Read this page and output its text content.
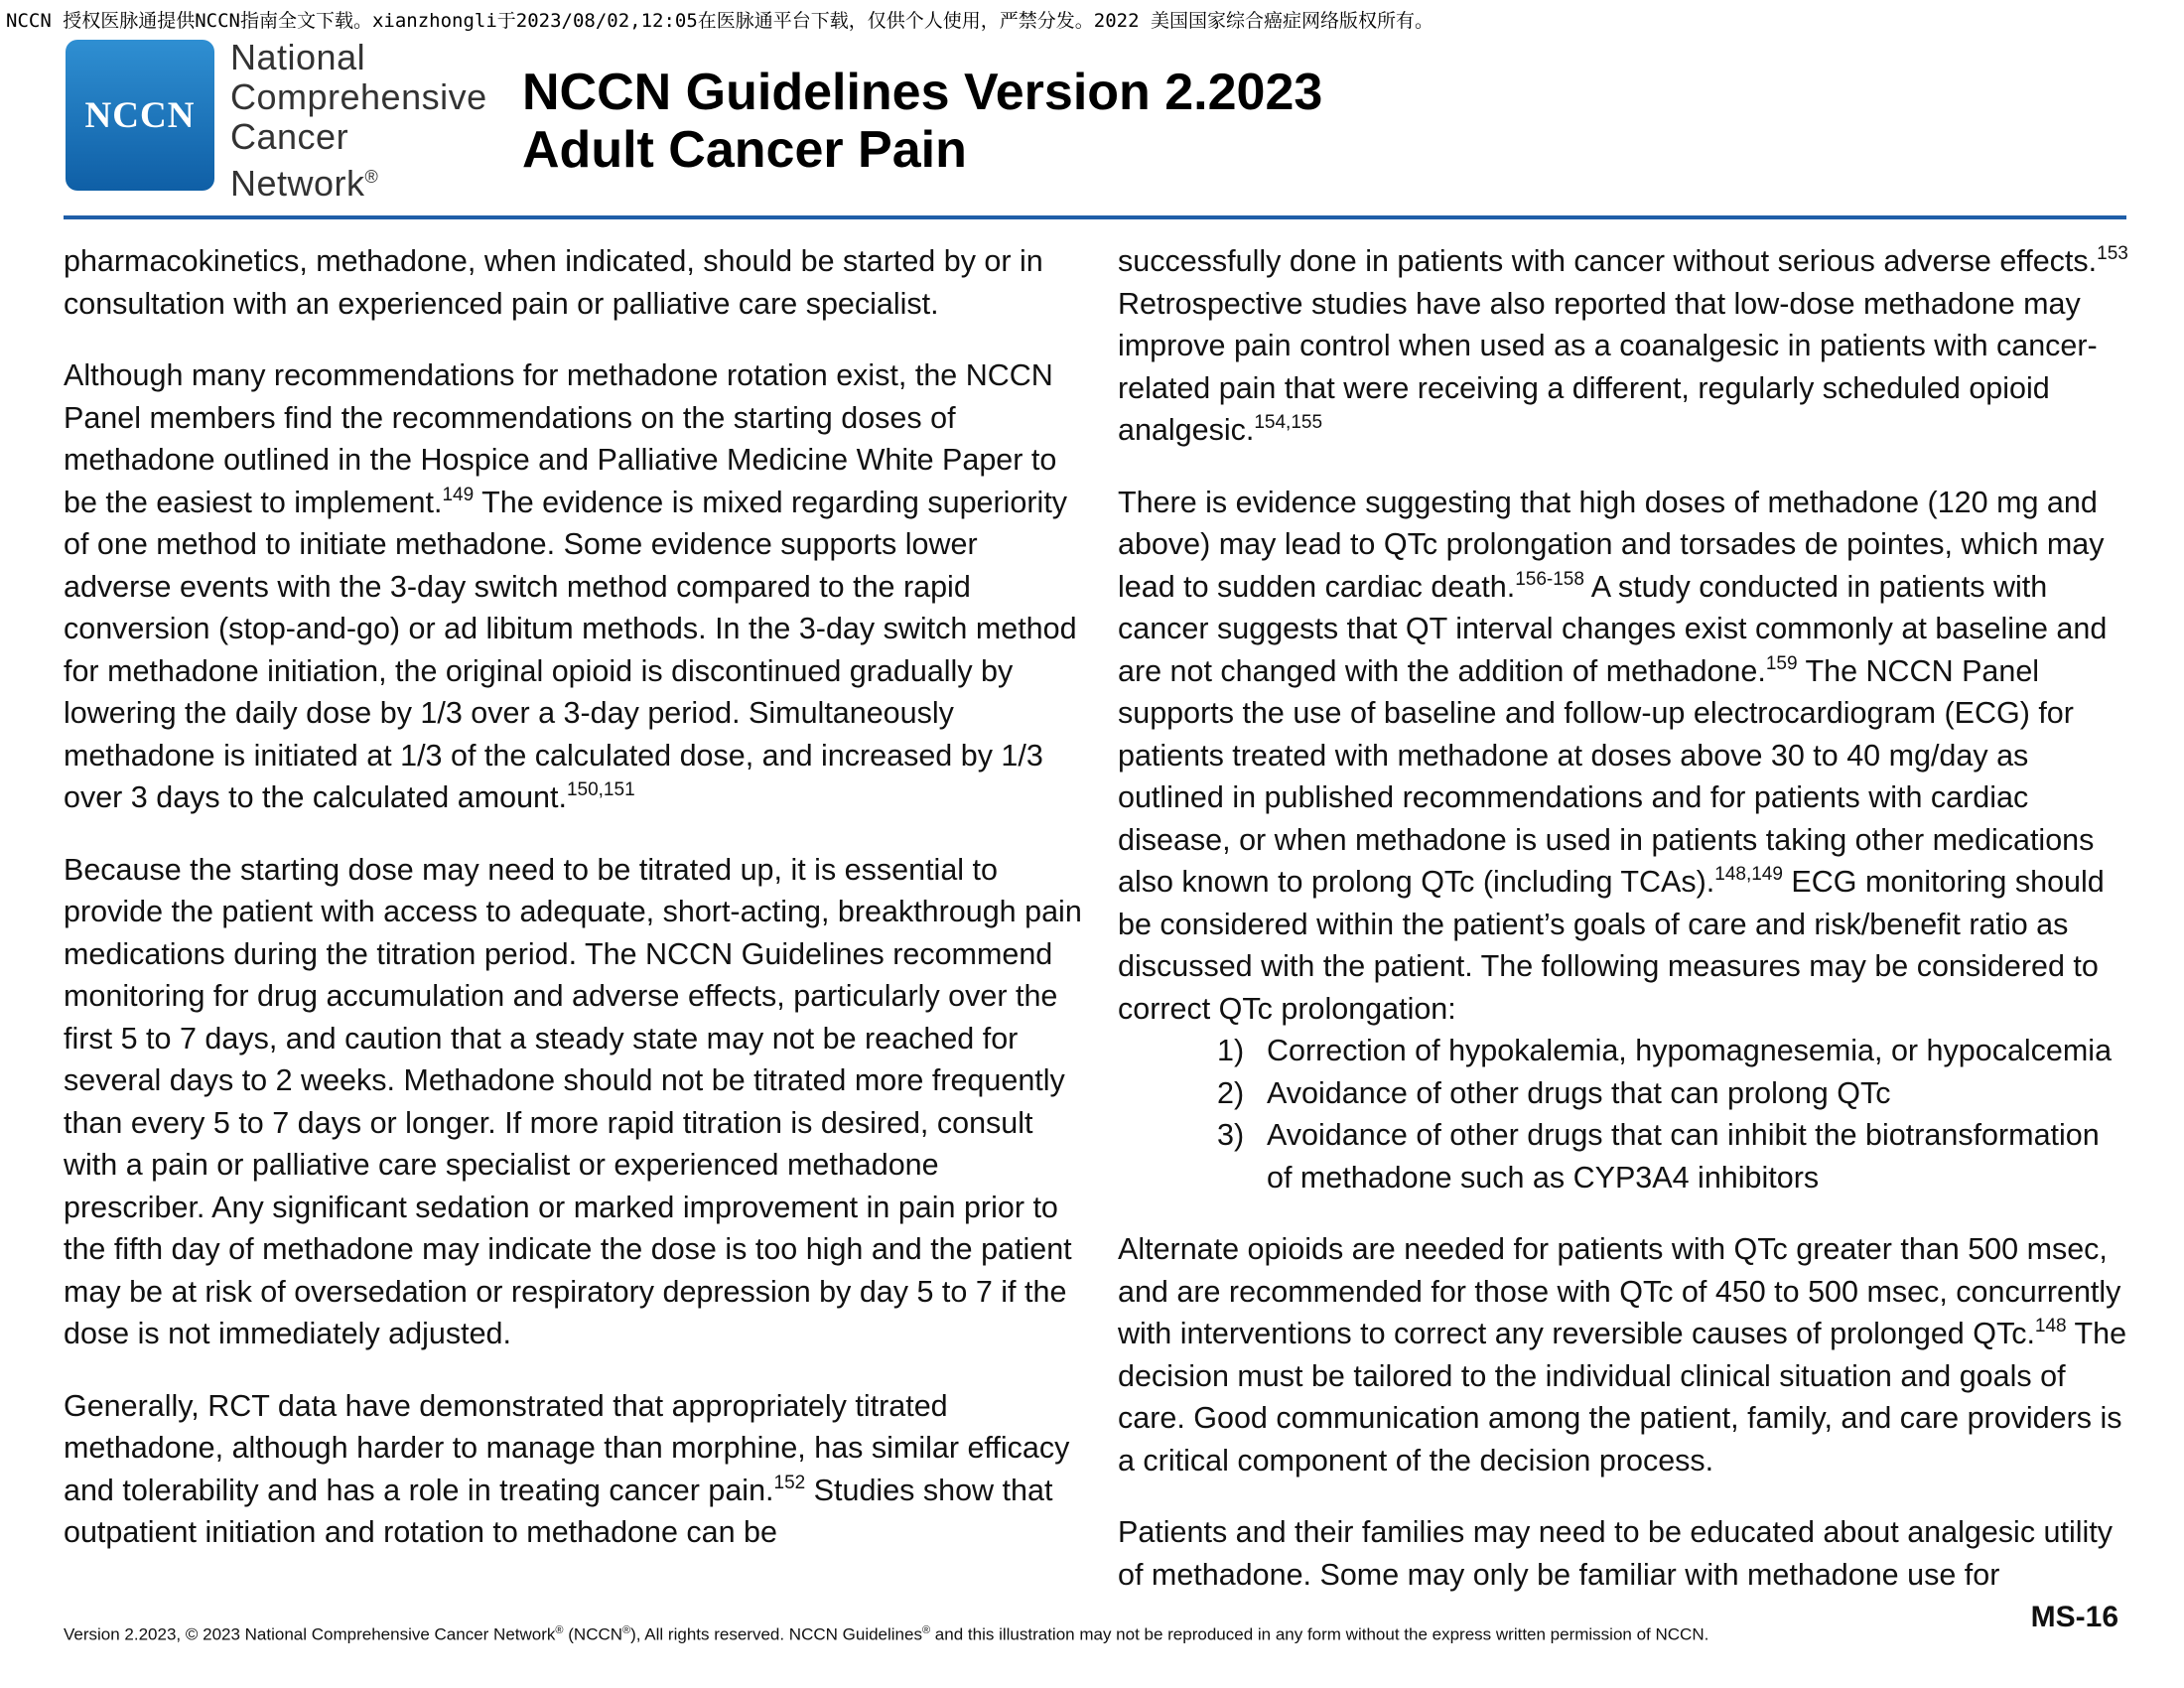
NCCN 授权医脉通提供NCCN指南全文下载。xianzhongli于2023/08/02,12:05在医脉通平台下载，仅供个人使用，严禁分发。2022 美国国家综合癌症网络版权所有。
NCCN
National
Comprehensive
Cancer
Network®
NCCN Guidelines Version 2.2023
Adult Cancer Pain

pharmacokinetics, methadone, when indicated, should be started by or in consultation with an experienced pain or palliative care specialist.

Although many recommendations for methadone rotation exist, the NCCN Panel members find the recommendations on the starting doses of methadone outlined in the Hospice and Palliative Medicine White Paper to be the easiest to implement.$^{149}$ The evidence is mixed regarding superiority of one method to initiate methadone. Some evidence supports lower adverse events with the 3-day switch method compared to the rapid conversion (stop-and-go) or ad libitum methods. In the 3-day switch method for methadone initiation, the original opioid is discontinued gradually by lowering the daily dose by 1/3 over a 3-day period. Simultaneously methadone is initiated at 1/3 of the calculated dose, and increased by 1/3 over 3 days to the calculated amount.$^{150,151}$

Because the starting dose may need to be titrated up, it is essential to provide the patient with access to adequate, short-acting, breakthrough pain medications during the titration period. The NCCN Guidelines recommend monitoring for drug accumulation and adverse effects, particularly over the first 5 to 7 days, and caution that a steady state may not be reached for several days to 2 weeks. Methadone should not be titrated more frequently than every 5 to 7 days or longer. If more rapid titration is desired, consult with a pain or palliative care specialist or experienced methadone prescriber. Any significant sedation or marked improvement in pain prior to the fifth day of methadone may indicate the dose is too high and the patient may be at risk of oversedation or respiratory depression by day 5 to 7 if the dose is not immediately adjusted.

Generally, RCT data have demonstrated that appropriately titrated methadone, although harder to manage than morphine, has similar efficacy and tolerability and has a role in treating cancer pain.$^{152}$ Studies show that outpatient initiation and rotation to methadone can be

successfully done in patients with cancer without serious adverse effects.$^{153}$ Retrospective studies have also reported that low-dose methadone may improve pain control when used as a coanalgesic in patients with cancer-related pain that were receiving a different, regularly scheduled opioid analgesic.$^{154,155}$

There is evidence suggesting that high doses of methadone (120 mg and above) may lead to QTc prolongation and torsades de pointes, which may lead to sudden cardiac death.$^{156-158}$ A study conducted in patients with cancer suggests that QT interval changes exist commonly at baseline and are not changed with the addition of methadone.$^{159}$ The NCCN Panel supports the use of baseline and follow-up electrocardiogram (ECG) for patients treated with methadone at doses above 30 to 40 mg/day as outlined in published recommendations and for patients with cardiac disease, or when methadone is used in patients taking other medications also known to prolong QTc (including TCAs).$^{148,149}$ ECG monitoring should be considered within the patient’s goals of care and risk/benefit ratio as discussed with the patient. The following measures may be considered to correct QTc prolongation:

1) Correction of hypokalemia, hypomagnesemia, or hypocalcemia
2) Avoidance of other drugs that can prolong QTc
3) Avoidance of other drugs that can inhibit the biotransformation of methadone such as CYP3A4 inhibitors

Alternate opioids are needed for patients with QTc greater than 500 msec, and are recommended for those with QTc of 450 to 500 msec, concurrently with interventions to correct any reversible causes of prolonged QTc.$^{148}$ The decision must be tailored to the individual clinical situation and goals of care. Good communication among the patient, family, and care providers is a critical component of the decision process.

Patients and their families may need to be educated about analgesic utility of methadone. Some may only be familiar with methadone use for

Version 2.2023, © 2023 National Comprehensive Cancer Network® (NCCN®), All rights reserved. NCCN Guidelines® and this illustration may not be reproduced in any form without the express written permission of NCCN.
MS-16
